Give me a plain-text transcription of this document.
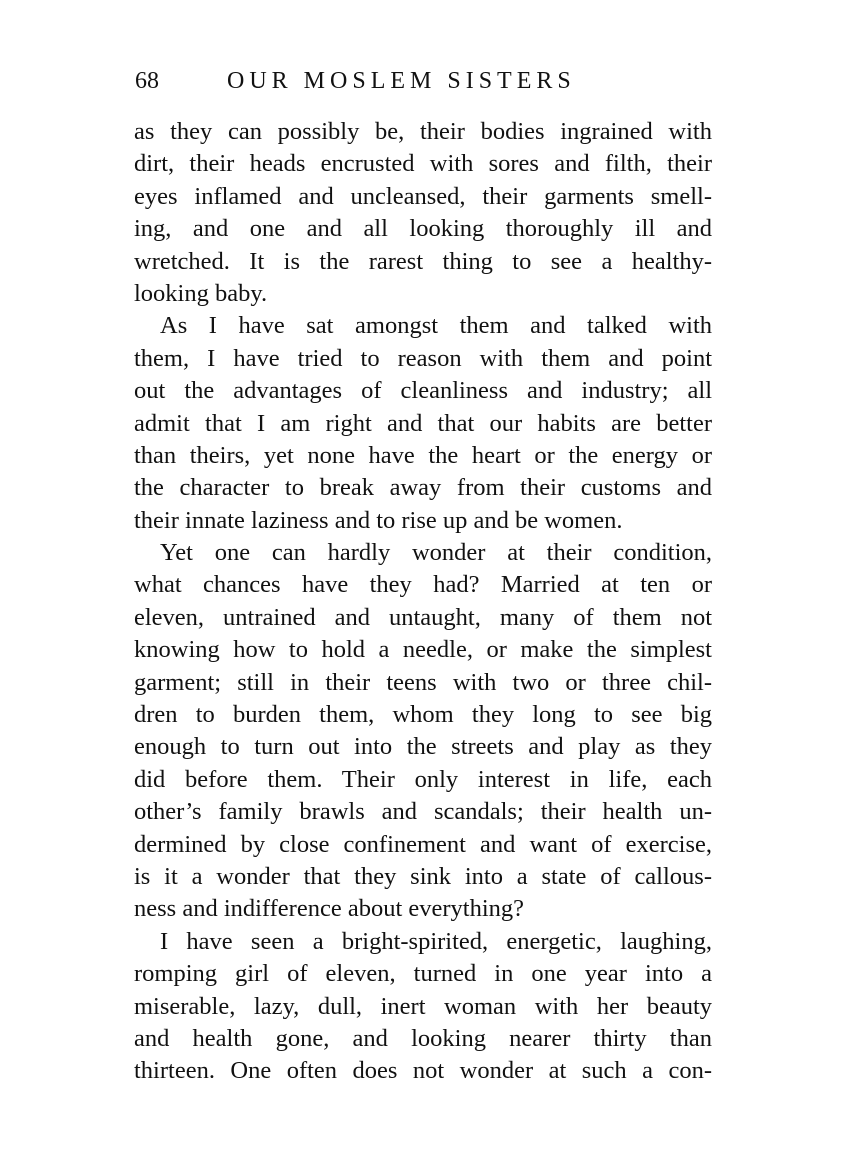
68	OUR MOSLEM SISTERS
as they can possibly be, their bodies ingrained with
dirt, their heads encrusted with sores and filth, their
eyes inflamed and uncleansed, their garments smell-
ing, and one and all looking thoroughly ill and
wretched. It is the rarest thing to see a healthy-
looking baby.
As I have sat amongst them and talked with
them, I have tried to reason with them and point
out the advantages of cleanliness and industry; all
admit that I am right and that our habits are better
than theirs, yet none have the heart or the energy or
the character to break away from their customs and
their innate laziness and to rise up and be women.
Yet one can hardly wonder at their condition,
what chances have they had? Married at ten or
eleven, untrained and untaught, many of them not
knowing how to hold a needle, or make the simplest
garment; still in their teens with two or three chil-
dren to burden them, whom they long to see big
enough to turn out into the streets and play as they
did before them. Their only interest in life, each
other’s family brawls and scandals; their health un-
dermined by close confinement and want of exercise,
is it a wonder that they sink into a state of callous-
ness and indifference about everything?
I have seen a bright-spirited, energetic, laughing,
romping girl of eleven, turned in one year into a
miserable, lazy, dull, inert woman with her beauty
and health gone, and looking nearer thirty than
thirteen. One often does not wonder at such a con-
